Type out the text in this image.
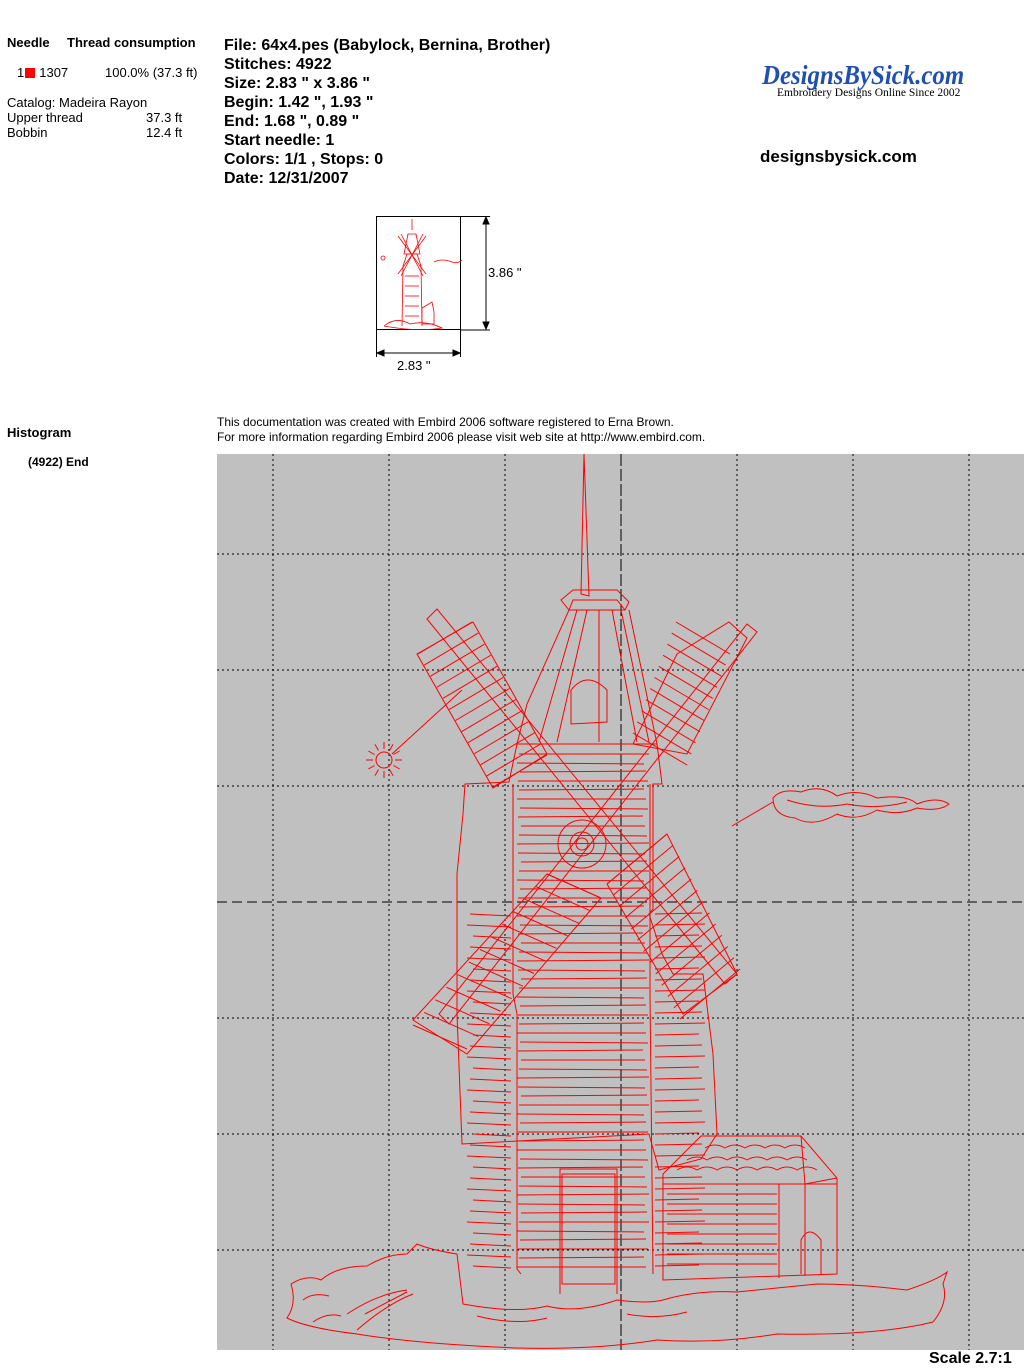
Needle Thread consumption
1 1307	100.0% (37.3 ft)
Catalog: Madeira Rayon
Upper thread	37.3 ft
Bobbin	12.4 ft
File: 64x4.pes (Babylock, Bernina, Brother)
Stitches: 4922
Size: 2.83 " x 3.86 "
Begin: 1.42 ", 1.93 "
End: 1.68 ", 0.89 "
Start needle: 1
Colors: 1/1 , Stops: 0
Date: 12/31/2007
DesignsBySick.com
Embroidery Designs Online Since 2002
designsbysick.com
3.86 "
2.83 "
Histogram
(4922) End
This documentation was created with Embird 2006 software registered to Erna Brown.
For more information regarding Embird 2006 please visit web site at http://www.embird.com.
Scale 2.7:1
